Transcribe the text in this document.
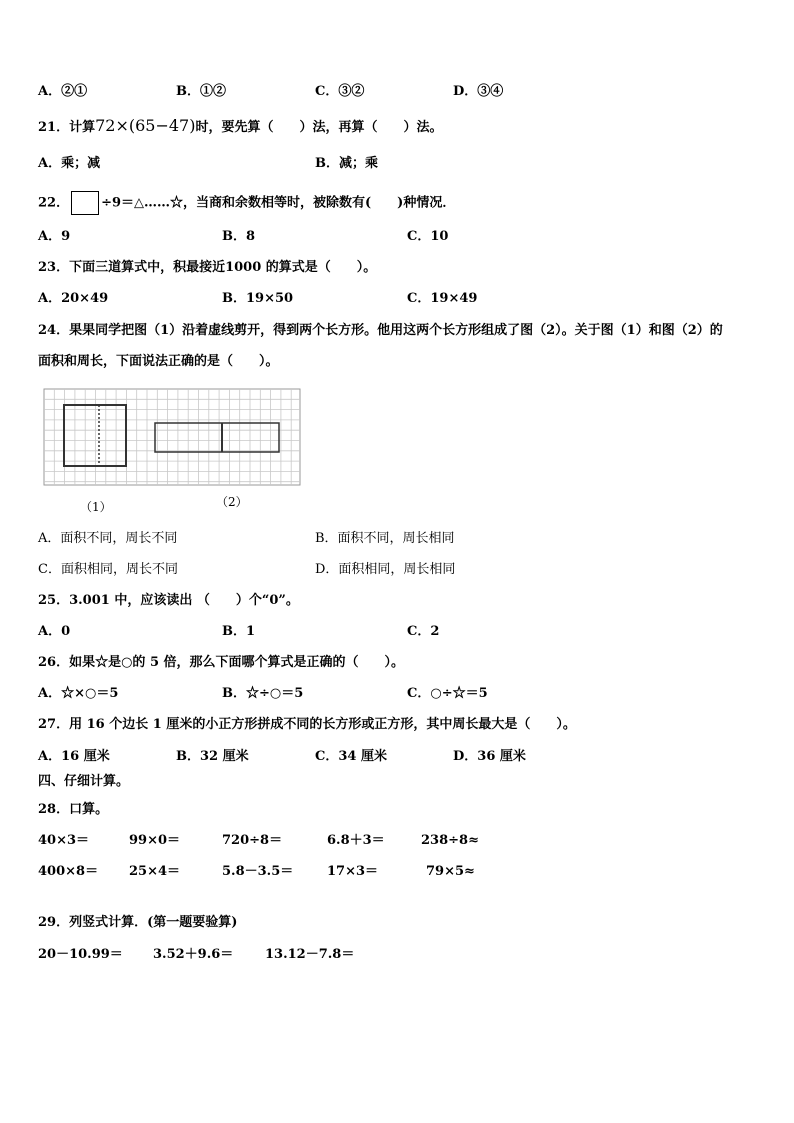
A．②①	B．①②	C．③②	D．③④
21．计算72×(65−47)时，要先算（　　）法，再算（　　）法。
A．乘；减	B．减；乘
22． ÷9＝△……☆，当商和余数相等时，被除数有(　　)种情况．
A．9	B．8	C．10
23．下面三道算式中，积最接近1000 的算式是（　　）。
A．20×49	B．19×50	C．19×49
24．果果同学把图（1）沿着虚线剪开，得到两个长方形。他用这两个长方形组成了图（2）。关于图（1）和图（2）的
面积和周长，下面说法正确的是（　　）。
（1）	（2）
A．面积不同，周长不同	B．面积不同，周长相同
C．面积相同，周长不同	D．面积相同，周长相同
25．3.001 中，应该读出 （　　）个“0”。
A．0	B．1	C．2
26．如果☆是○的 5 倍，那么下面哪个算式是正确的（　　）。
A．☆×○＝5	B．☆÷○＝5	C．○÷☆＝5
27．用 16 个边长 1 厘米的小正方形拼成不同的长方形或正方形，其中周长最大是（　　）。
A．16 厘米	B．32 厘米	C．34 厘米	D．36 厘米
四、仔细计算。
28．口算。
40×3＝	99×0＝	720÷8＝	6.8＋3＝	238÷8≈
400×8＝ 25×4＝	5.8－3.5＝	17×3＝	79×5≈
29．列竖式计算．(第一题要验算)
20－10.99＝ 3.52＋9.6＝ 13.12－7.8＝
